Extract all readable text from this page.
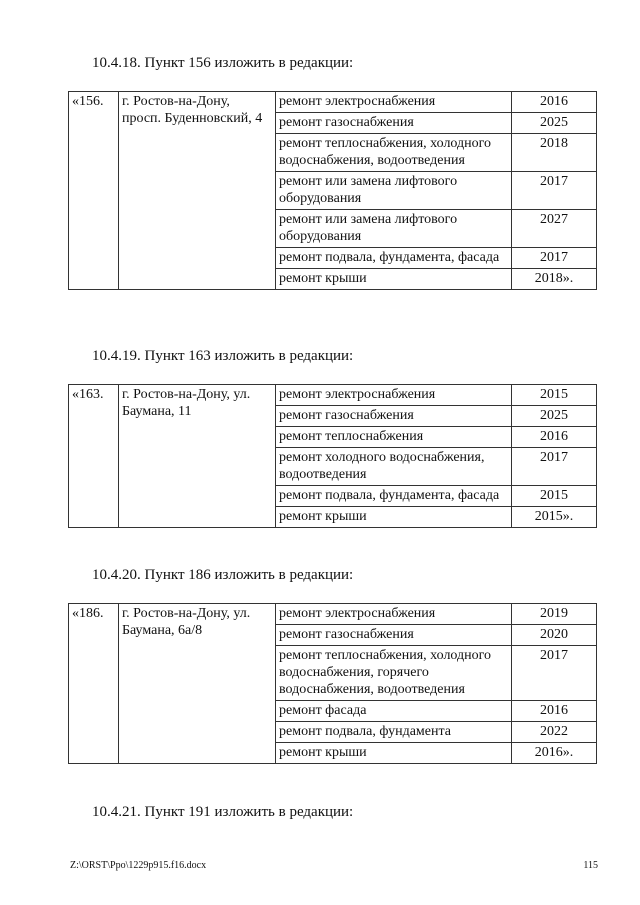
10.4.18. Пункт 156 изложить в редакции:

«156.	г. Ростов-на-Дону, просп. Буденновский, 4	ремонт электроснабжения	2016
		ремонт газоснабжения	2025
		ремонт теплоснабжения, холодного водоснабжения, водоотведения	2018
		ремонт или замена лифтового оборудования	2017
		ремонт или замена лифтового оборудования	2027
		ремонт подвала, фундамента, фасада	2017
		ремонт крыши	2018».

10.4.19. Пункт 163 изложить в редакции:

«163.	г. Ростов-на-Дону, ул. Баумана, 11	ремонт электроснабжения	2015
		ремонт газоснабжения	2025
		ремонт теплоснабжения	2016
		ремонт холодного водоснабжения, водоотведения	2017
		ремонт подвала, фундамента, фасада	2015
		ремонт крыши	2015».

10.4.20. Пункт 186 изложить в редакции:

«186.	г. Ростов-на-Дону, ул. Баумана, 6а/8	ремонт электроснабжения	2019
		ремонт газоснабжения	2020
		ремонт теплоснабжения, холодного водоснабжения, горячего водоснабжения, водоотведения	2017
		ремонт фасада	2016
		ремонт подвала, фундамента	2022
		ремонт крыши	2016».

10.4.21. Пункт 191 изложить в редакции:

Z:\ORST\Ppo\1229p915.f16.docx	115
